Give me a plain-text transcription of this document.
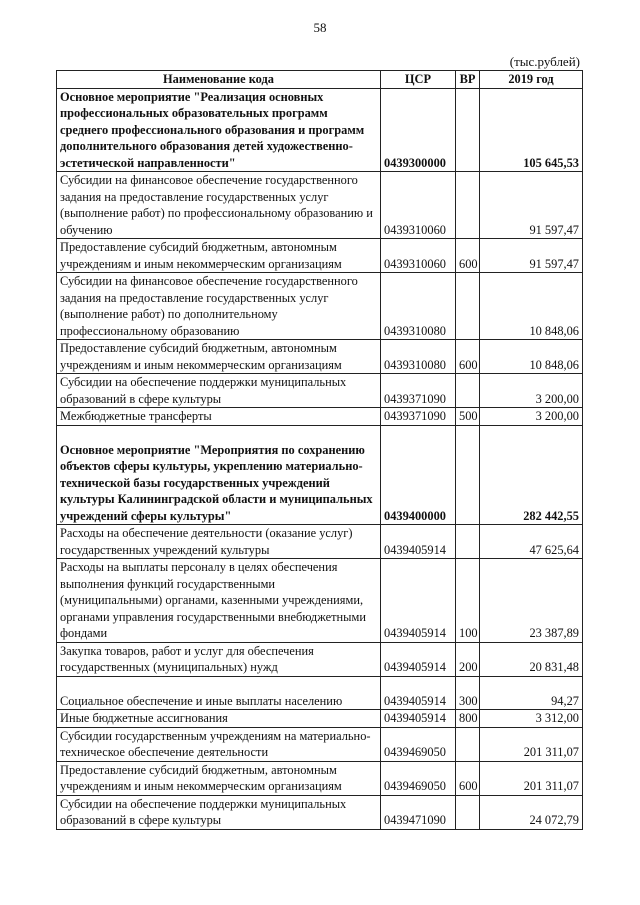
58
(тыс.рублей)
Наименование кода	ЦСР	ВР	2019 год
Основное мероприятие "Реализация основных профессиональных образовательных программ среднего профессионального образования и программ дополнительного образования детей художественно-эстетической направленности"	0439300000		105 645,53
Субсидии на финансовое обеспечение государственного задания на предоставление государственных услуг (выполнение работ) по профессиональному образованию и обучению	0439310060		91 597,47
Предоставление субсидий бюджетным, автономным учреждениям и иным некоммерческим организациям	0439310060	600	91 597,47
Субсидии на финансовое обеспечение государственного задания на предоставление государственных услуг (выполнение работ) по дополнительному профессиональному образованию	0439310080		10 848,06
Предоставление субсидий бюджетным, автономным учреждениям и иным некоммерческим организациям	0439310080	600	10 848,06
Субсидии на обеспечение поддержки муниципальных образований в сфере культуры	0439371090		3 200,00
Межбюджетные трансферты	0439371090	500	3 200,00
Основное мероприятие "Мероприятия по сохранению объектов сферы культуры, укреплению материально-технической базы государственных учреждений культуры Калининградской области и муниципальных учреждений сферы культуры"	0439400000		282 442,55
Расходы на обеспечение деятельности (оказание услуг) государственных учреждений культуры	0439405914		47 625,64
Расходы на выплаты персоналу в целях обеспечения выполнения функций государственными (муниципальными) органами, казенными учреждениями, органами управления государственными внебюджетными фондами	0439405914	100	23 387,89
Закупка товаров, работ и услуг для обеспечения государственных (муниципальных) нужд	0439405914	200	20 831,48
Социальное обеспечение и иные выплаты населению	0439405914	300	94,27
Иные бюджетные ассигнования	0439405914	800	3 312,00
Субсидии государственным учреждениям на материально-техническое обеспечение деятельности	0439469050		201 311,07
Предоставление субсидий бюджетным, автономным учреждениям и иным некоммерческим организациям	0439469050	600	201 311,07
Субсидии на обеспечение поддержки муниципальных образований в сфере культуры	0439471090		24 072,79
